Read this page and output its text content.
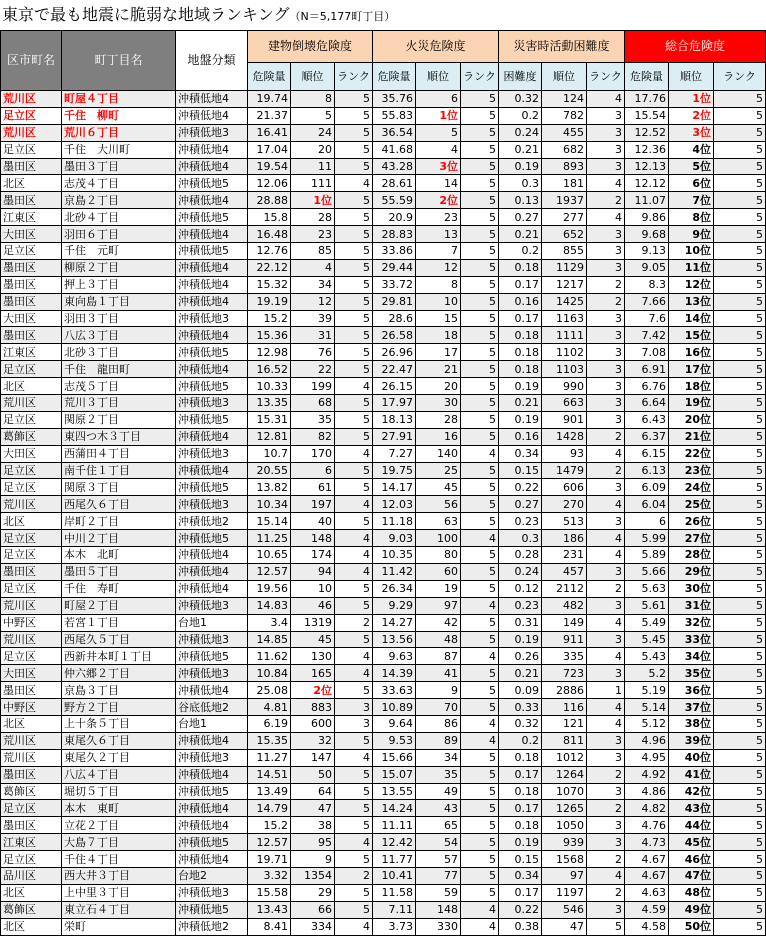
東京で最も地震に脆弱な地域ランキング（N＝5,177町丁目）
区市町名	町丁目名	地盤分類	建物倒壊危険度			火災危険度			災害時活動困難度			総合危険度		
			危険量	順位	ランク	危険量	順位	ランク	困難度	順位	ランク	危険量	順位	ランク
荒川区	町屋４丁目	沖積低地4	19.74	8	5	35.76	6	5	0.32	124	4	17.76	1位	5
足立区	千住　柳町	沖積低地4	21.37	5	5	55.83	1位	5	0.2	782	3	15.54	2位	5
荒川区	荒川６丁目	沖積低地3	16.41	24	5	36.54	5	5	0.24	455	3	12.52	3位	5
足立区	千住　大川町	沖積低地4	17.04	20	5	41.68	4	5	0.21	682	3	12.36	4位	5
墨田区	墨田３丁目	沖積低地4	19.54	11	5	43.28	3位	5	0.19	893	3	12.13	5位	5
北区	志茂４丁目	沖積低地5	12.06	111	4	28.61	14	5	0.3	181	4	12.12	6位	5
墨田区	京島２丁目	沖積低地4	28.88	1位	5	55.59	2位	5	0.13	1937	2	11.07	7位	5
江東区	北砂４丁目	沖積低地5	15.8	28	5	20.9	23	5	0.27	277	4	9.86	8位	5
大田区	羽田６丁目	沖積低地4	16.48	23	5	28.83	13	5	0.21	652	3	9.68	9位	5
足立区	千住　元町	沖積低地5	12.76	85	5	33.86	7	5	0.2	855	3	9.13	10位	5
墨田区	柳原２丁目	沖積低地4	22.12	4	5	29.44	12	5	0.18	1129	3	9.05	11位	5
墨田区	押上３丁目	沖積低地4	15.32	34	5	33.72	8	5	0.17	1217	2	8.3	12位	5
墨田区	東向島１丁目	沖積低地4	19.19	12	5	29.81	10	5	0.16	1425	2	7.66	13位	5
大田区	羽田３丁目	沖積低地3	15.2	39	5	28.6	15	5	0.17	1163	3	7.6	14位	5
墨田区	八広３丁目	沖積低地4	15.36	31	5	26.58	18	5	0.18	1111	3	7.42	15位	5
江東区	北砂３丁目	沖積低地5	12.98	76	5	26.96	17	5	0.18	1102	3	7.08	16位	5
足立区	千住　龍田町	沖積低地4	16.52	22	5	22.47	21	5	0.18	1103	3	6.91	17位	5
北区	志茂５丁目	沖積低地5	10.33	199	4	26.15	20	5	0.19	990	3	6.76	18位	5
荒川区	荒川３丁目	沖積低地3	13.35	68	5	17.97	30	5	0.21	663	3	6.64	19位	5
足立区	関原２丁目	沖積低地5	15.31	35	5	18.13	28	5	0.19	901	3	6.43	20位	5
葛飾区	東四つ木３丁目	沖積低地4	12.81	82	5	27.91	16	5	0.16	1428	2	6.37	21位	5
大田区	西蒲田４丁目	沖積低地3	10.7	170	4	7.27	140	4	0.34	93	4	6.15	22位	5
足立区	南千住１丁目	沖積低地4	20.55	6	5	19.75	25	5	0.15	1479	2	6.13	23位	5
足立区	関原３丁目	沖積低地5	13.82	61	5	14.17	45	5	0.22	606	3	6.09	24位	5
荒川区	西尾久６丁目	沖積低地3	10.34	197	4	12.03	56	5	0.27	270	4	6.04	25位	5
北区	岸町２丁目	沖積低地2	15.14	40	5	11.18	63	5	0.23	513	3	6	26位	5
足立区	中川２丁目	沖積低地5	11.25	148	4	9.03	100	4	0.3	186	4	5.99	27位	5
足立区	本木　北町	沖積低地4	10.65	174	4	10.35	80	5	0.28	231	4	5.89	28位	5
墨田区	墨田５丁目	沖積低地4	12.57	94	4	11.42	60	5	0.24	457	3	5.66	29位	5
足立区	千住　寿町	沖積低地4	19.56	10	5	26.34	19	5	0.12	2112	2	5.63	30位	5
荒川区	町屋２丁目	沖積低地3	14.83	46	5	9.29	97	4	0.23	482	3	5.61	31位	5
中野区	若宮１丁目	台地1	3.4	1319	2	14.27	42	5	0.31	149	4	5.49	32位	5
荒川区	西尾久５丁目	沖積低地3	14.85	45	5	13.56	48	5	0.19	911	3	5.45	33位	5
足立区	西新井本町１丁目	沖積低地5	11.62	130	4	9.63	87	4	0.26	335	4	5.43	34位	5
大田区	仲六郷２丁目	沖積低地3	10.84	165	4	14.39	41	5	0.21	723	3	5.2	35位	5
墨田区	京島３丁目	沖積低地4	25.08	2位	5	33.63	9	5	0.09	2886	1	5.19	36位	5
中野区	野方２丁目	谷底低地2	4.81	883	3	10.89	70	5	0.33	116	4	5.14	37位	5
北区	上十条５丁目	台地1	6.19	600	3	9.64	86	4	0.32	121	4	5.12	38位	5
荒川区	東尾久６丁目	沖積低地4	15.35	32	5	9.53	89	4	0.2	811	3	4.96	39位	5
荒川区	東尾久２丁目	沖積低地3	11.27	147	4	15.66	34	5	0.18	1012	3	4.95	40位	5
墨田区	八広４丁目	沖積低地4	14.51	50	5	15.07	35	5	0.17	1264	2	4.92	41位	5
葛飾区	堀切５丁目	沖積低地5	13.49	64	5	13.55	49	5	0.18	1070	3	4.86	42位	5
足立区	本木　東町	沖積低地4	14.79	47	5	14.24	43	5	0.17	1265	2	4.82	43位	5
墨田区	立花２丁目	沖積低地4	15.2	38	5	11.11	65	5	0.18	1050	3	4.76	44位	5
江東区	大島７丁目	沖積低地5	12.57	95	4	12.42	54	5	0.19	939	3	4.73	45位	5
足立区	千住４丁目	沖積低地4	19.71	9	5	11.77	57	5	0.15	1568	2	4.67	46位	5
品川区	西大井３丁目	台地2	3.32	1354	2	10.41	77	5	0.34	97	4	4.67	47位	5
北区	上中里３丁目	沖積低地3	15.58	29	5	11.58	59	5	0.17	1197	2	4.63	48位	5
葛飾区	東立石４丁目	沖積低地5	13.43	66	5	7.11	148	4	0.22	546	3	4.59	49位	5
北区	栄町	沖積低地2	8.41	334	4	3.73	330	4	0.38	47	5	4.58	50位	5
